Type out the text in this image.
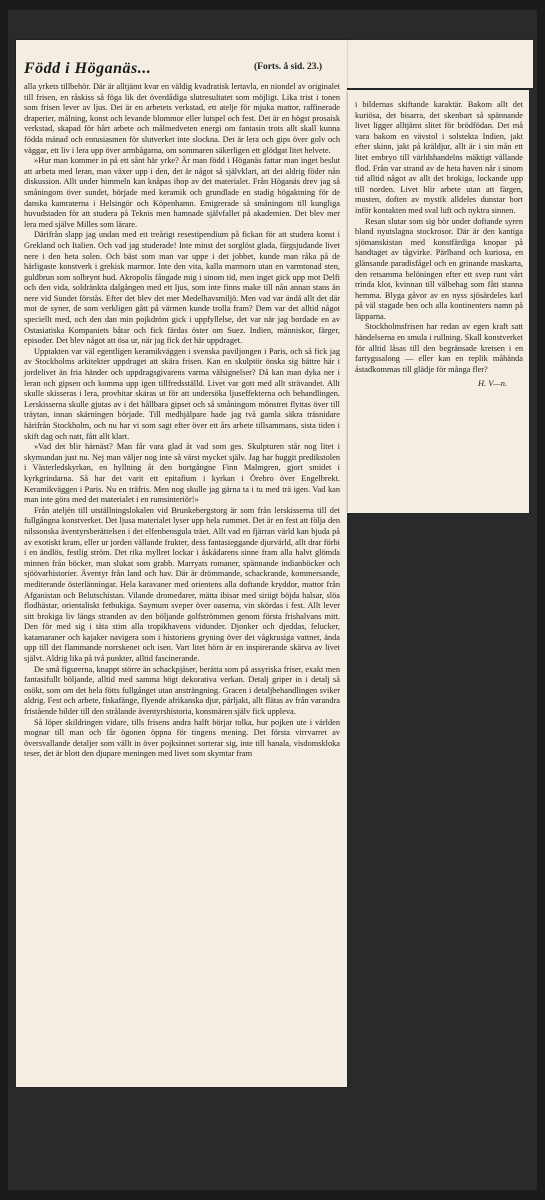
Född i Höganäs...	(Forts. å sid. 23.)

alla yrkets tillbehör. Där är alltjämt kvar en väldig kvadratisk lertavla, en niondel av originalet till frisen, en råskiss så föga lik det överdådiga slutresultatet som möjligt. Lika trist i tonen som frisen lever av ljus. Det är en arbetets verkstad, ett atelje för mjuka mattor, raffinerade draperier, målning, konst och levande blommor eller lutspel och fest. Det är en högst prosaisk verkstad, skapad för hårt arbete och målmedveten energi om fantasin trots allt skall kunna födda mänad och entusiasmen för slutverket inte slockna. Det är lera och gips över golv och väggar, ett liv i lera upp över armbågarna, om sommaren säkerligen ett glödgat litet helvete.

»Hur man kommer in på ett sånt här yrke? Är man född i Höganäs fattar man inget beslut att arbeta med leran, man växer upp i den, det är något så självklart, att det aldrig föder nån diskussion. Allt under himmeln kan knåpas ihop av det materialet. Från Höganäs drev jag så småningom över sundet, började med keramik och grundlade en stadig högaktning för de danska kamraterna i Helsingör och Köpenhamn. Emigrerade så småningom till kungliga huvudstaden för att studera på Teknis men hamnade självfallet på akademien. Det blev mer lera med själve Milles som lärare.

Därifrån slapp jag undan med ett treårigt resestipendium på fickan för att studera konst i Grekland och Italien. Och vad jag studerade! Inte minst det sorglöst glada, färgsjudande livet nere i den heta solen. Och bäst som man var uppe i det jobbet, kunde man råka på de härligaste konstverk i grekisk marmor. Inte den vita, kalla marmorn utan en varmtonad sten, guldbrun som solbrynt hud. Akropolis fångade mig i sinom tid, men inget gick upp mot Delfi och den vida, soldränkta dalgången med ett ljus, som inte finns make till nån annan stans än nere vid Sundet förstås. Efter det blev det mer Medelhavsmiljö. Men vad var ändå allt det där mot de syner, de som verkligen gått på värmen kunde trolla fram? Dem var det alltid något speciellt med, och den dan min pojkdröm gick i uppfyllelse, det var när jag bordade en av Ostasiatiska Kompaniets båtar och fick färdas öster om Suez. Indien, människor, färger, episoder. Det blev något att ösa ur, när jag fick det här uppdraget.

Upptakten var väl egentligen keramikväggen i svenska paviljongen i Paris, och så fick jag av Stockholms arkitekter uppdraget att skära frisen. Kan en skulptör önska sig bättre här i jordelivet än fria händer och uppdragsgivarens varma välsignelser? Då kan man dyka ner i leran och gipsen och komma upp igen tillfredsställd. Livet var gott med allt strävandet. Allt skulle skisseras i lera, provbitar skäras ut för att undersöka ljuseffekterna och behandlingen. Lerskisserna skulle gjutas av i det hållbara gipset och så småningom mönstret flyttas över till träytan, innan skärningen började. Till medhjälpare hade jag två gamla säkra träsnidare härifrån Stockholm, och nu har vi som sagt efter över ett års arbete tillsammans, sista tiden i skift dag och natt, fått allt klart.

»Vad det blir härnäst? Man får vara glad åt vad som ges. Skulpturen står nog litet i skymundan just nu. Nej man väljer nog inte så värst mycket själv. Jag har huggit predikstolen i Västerledskyrkan, en hyllning åt den bortgångne Finn Malmgren, gjort smidet i kyrkgrindarna. Så har det varit ett epitafium i kyrkan i Örebro över Engelbrekt. Keramikväggen i Paris. Nu en träfris. Men nog skulle jag gärna ta i tu med trä igen. Vad kan man inte göra med det materialet i en rumsinteriör!»

Från ateljén till utställningslokalen vid Brunkebergstorg är som från lerskisserna till det fullgångna konstverket. Det ljusa materialet lyser upp hela rummet. Det är en fest att följa den nilssonska äventyrsberättelsen i det elfenbensgula träet. Allt vad en fjärran värld kan bjuda på av exotiskt kram, eller ur jorden vällande frukter, dess fantasieggande djurvärld, allt drar förbi i en ändlös, festlig ström. Det rika myllret lockar i åskådarens sinne fram alla halvt glömda minnen från böcker, man slukat som grabb. Marryats romaner, spännande indianböcker och sjöövarhistorier. Äventyr från land och hav. Där är drömmande, schackrande, kommersande, mediterande österlänningar. Hela karavaner med orientens alla doftande kryddor, mattor från Afganistan och Belutschistan. Vilande dromedarer, mätta ibisar med siriigt böjda halsar, slöa flodhästar, orientaliskt fetbukiga. Saymum sveper över oaserna, vin skördas i fest. Allt lever sitt brokiga liv längs stranden av den böljande golfströmmen genom första frishalvans mitt. Den för med sig i täta stim alla tropikhavens vidunder. Djonker och djeddas, felucker, katamaraner och kajaker navigera som i historiens gryning över det vågkrusiga vattnet, ända upp till det flammande norrskenet och isen. Vart litet hörn är en inspirerande skärva av livet självt. Aldrig lika på två punkter, alltid fascinerande.

De små figurerna, knappt större än schackpjäser, berätta som på assyriska friser, exakt men fantasifullt böljande, alltid med samma högt dekorativa verkan. Detalj griper in i detalj så osökt, som om det hela fötts fullgånget utan ansträngning. Gracen i detaljbehandlingen sviker aldrig. Fest och arbete, fiskafänge, flyende afrikanska djur, pärljakt, allt flätas av från varandra fristående bilder till den strålande äventyrshistoria, konstnären själv fick uppleva.

Så löper skildringen vidare, tills frisens andra halft börjar tolka, hur pojken ute i världen mognar till man och får ögonen öppna för tingens mening. Det första virrvarret av översvallande detaljer som vällt in över pojksinnet sorterar sig, inte till banala, visdomsklokа teser, det är blott den djupare meningen med livet som skymtar fram

i bildernas skiftande karaktär. Bakom allt det kuriösa, det bisarra, det skenbart så spännande livet ligger alltjämt slitet för brödfödan. Det må vara bakom en vävstol i solstekta Indien, jakt efter skinn, jakt på kräldjur, allt är i sin mån ett litet embryo till världshandelns mäktigt vällande flod. Från var strand av de heta haven når i sinom tid alltid något av allt det brokiga, lockande upp till norden. Livet blir arbete utan att färgen, musten, doften av mystik alldeles dunstar bort inför kontakten med sval luft och nyktra sinnen.

Resan slutar som sig bör under doftande syren bland nyutslagna stockrosor. Där är den kantiga sjömanskistan med konstfärdiga knopar på handtaget av tågvirke. Pärlband och kuriosa, en glänsande paradisfågel och en grinande maskarta, den retsamma belöningen efter ett svep runt vårt trinda klot, kvinnan till välbehag som fått stanna hemma. Blyga gåvor av en nyss sjösärdeles karl på väl stagade ben och alla kontinenters namn på läpparna.

Stockholmsfrisen har redan av egen kraft satt händelserna en smula i rullning. Skall konstverket för alltid låsas till den begränsade kretsen i en fartygssalong — eller kan en replik måhända åstadkommas till glädje för många fler?

H. V—n.
